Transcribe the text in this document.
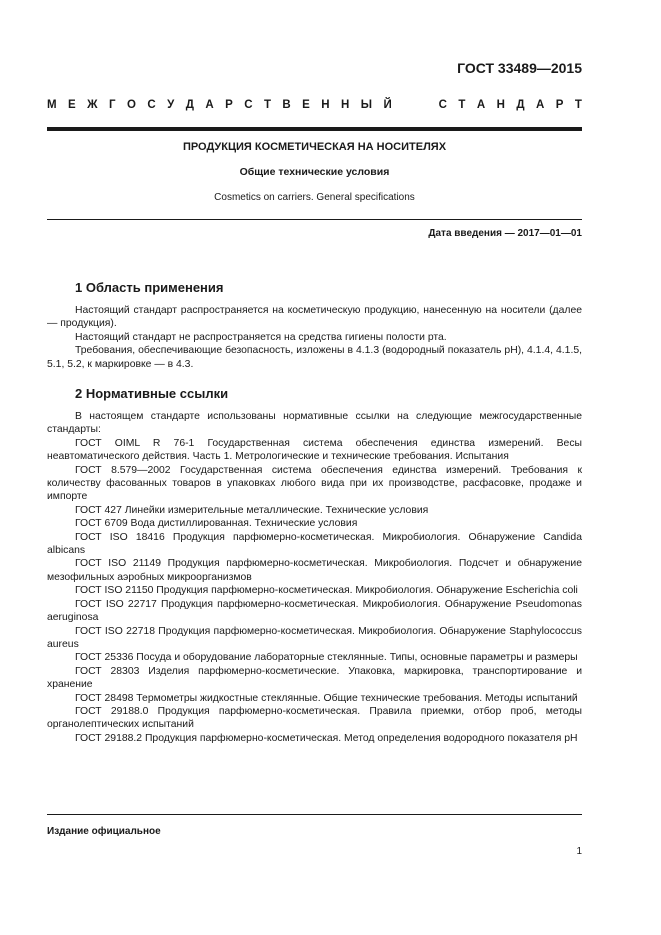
ГОСТ 33489—2015
М Е Ж Г О С У Д А Р С Т В Е Н Н Ы Й	С Т А Н Д А Р Т
ПРОДУКЦИЯ КОСМЕТИЧЕСКАЯ НА НОСИТЕЛЯХ
Общие технические условия
Cosmetics on carriers. General specifications
Дата введения — 2017—01—01
1 Область применения

Настоящий стандарт распространяется на косметическую продукцию, нанесенную на носители (далее — продукция).

Настоящий стандарт не распространяется на средства гигиены полости рта.

Требования, обеспечивающие безопасность, изложены в 4.1.3 (водородный показатель pH), 4.1.4, 4.1.5, 5.1, 5.2, к маркировке — в 4.3.

2 Нормативные ссылки

В настоящем стандарте использованы нормативные ссылки на следующие межгосударственные стандарты:

ГОСТ OIML R 76-1 Государственная система обеспечения единства измерений. Весы неавтоматического действия. Часть 1. Метрологические и технические требования. Испытания

ГОСТ 8.579—2002 Государственная система обеспечения единства измерений. Требования к количеству фасованных товаров в упаковках любого вида при их производстве, расфасовке, продаже и импорте

ГОСТ 427 Линейки измерительные металлические. Технические условия

ГОСТ 6709 Вода дистиллированная. Технические условия

ГОСТ ISO 18416 Продукция парфюмерно-косметическая. Микробиология. Обнаружение Candida albicans

ГОСТ ISO 21149 Продукция парфюмерно-косметическая. Микробиология. Подсчет и обнаружение мезофильных аэробных микроорганизмов

ГОСТ ISO 21150 Продукция парфюмерно-косметическая. Микробиология. Обнаружение Escherichia coli

ГОСТ ISO 22717 Продукция парфюмерно-косметическая. Микробиология. Обнаружение Pseudomonas aeruginosa

ГОСТ ISO 22718 Продукция парфюмерно-косметическая. Микробиология. Обнаружение Staphylococcus aureus

ГОСТ 25336 Посуда и оборудование лабораторные стеклянные. Типы, основные параметры и размеры

ГОСТ 28303 Изделия парфюмерно-косметические. Упаковка, маркировка, транспортирование и хранение

ГОСТ 28498 Термометры жидкостные стеклянные. Общие технические требования. Методы испытаний

ГОСТ 29188.0 Продукция парфюмерно-косметическая. Правила приемки, отбор проб, методы органолептических испытаний

ГОСТ 29188.2 Продукция парфюмерно-косметическая. Метод определения водородного показателя pH

Издание официальное
1
